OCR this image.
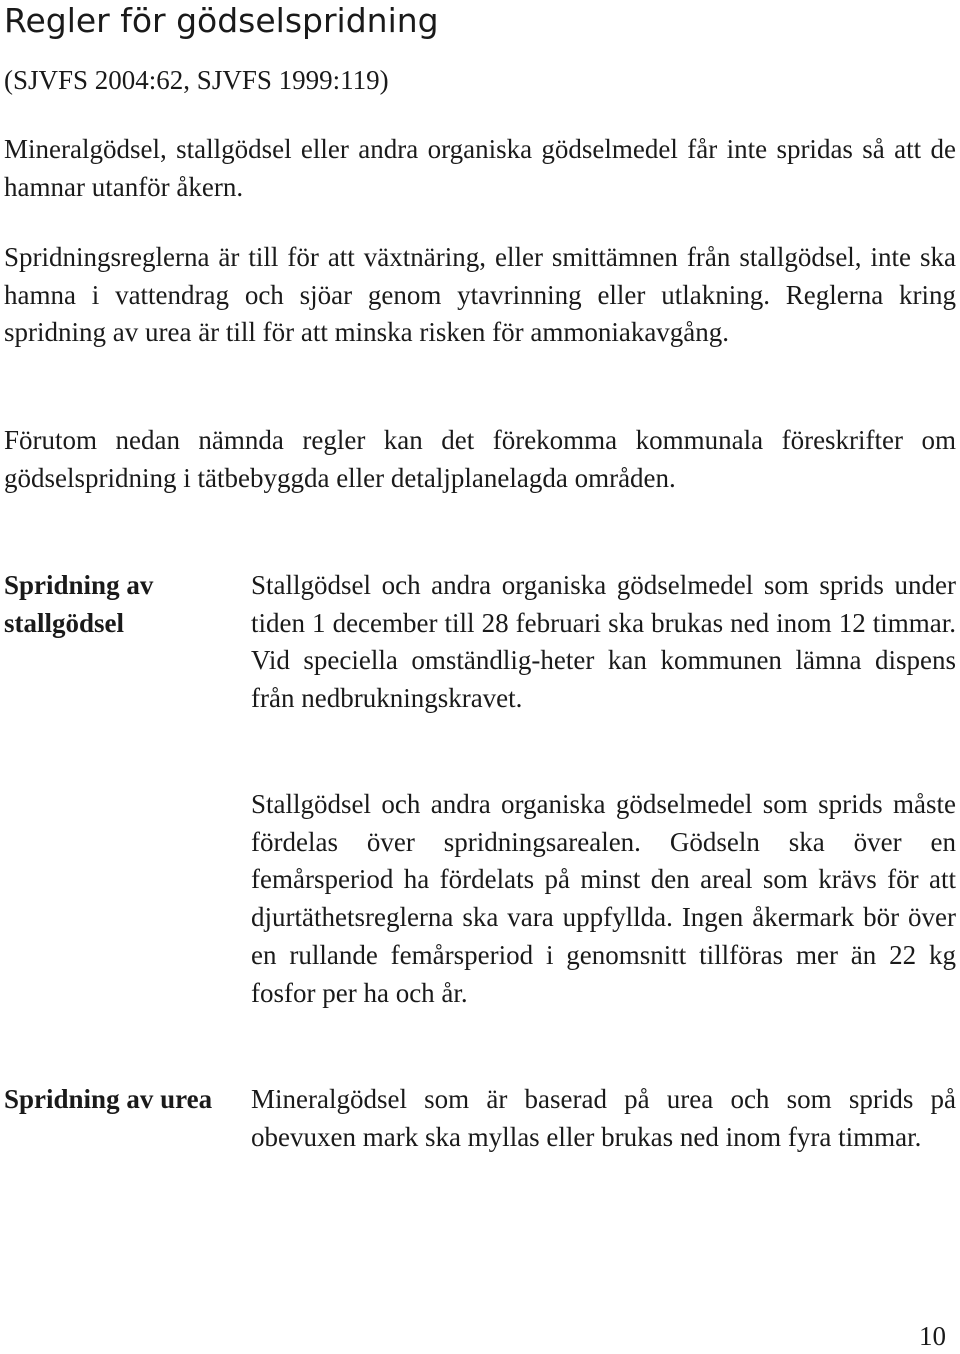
Regler för gödselspridning

(SJVFS 2004:62, SJVFS 1999:119)

Mineralgödsel, stallgödsel eller andra organiska gödselmedel får inte spridas så att de hamnar utanför åkern.

Spridningsreglerna är till för att växtnäring, eller smittämnen från stallgödsel, inte ska hamna i vattendrag och sjöar genom ytavrinning eller utlakning. Reglerna kring spridning av urea är till för att minska risken för ammoniakavgång.

Förutom nedan nämnda regler kan det förekomma kommunala föreskrifter om gödselspridning i tätbebyggda eller detaljplanelagda områden.

Spridning av stallgödsel

Stallgödsel och andra organiska gödselmedel som sprids under tiden 1 december till 28 februari ska brukas ned inom 12 timmar. Vid speciella omständlig-heter kan kommunen lämna dispens från nedbrukningskravet.

Stallgödsel och andra organiska gödselmedel som sprids måste fördelas över spridningsarealen. Gödseln ska över en femårsperiod ha fördelats på minst den areal som krävs för att djurtäthetsreglerna ska vara uppfyllda. Ingen åkermark bör över en rullande femårsperiod i genomsnitt tillföras mer än 22 kg fosfor per ha och år.

Spridning av urea	Mineralgödsel som är baserad på urea och som sprids på obevuxen mark ska myllas eller brukas ned inom fyra timmar.

10
